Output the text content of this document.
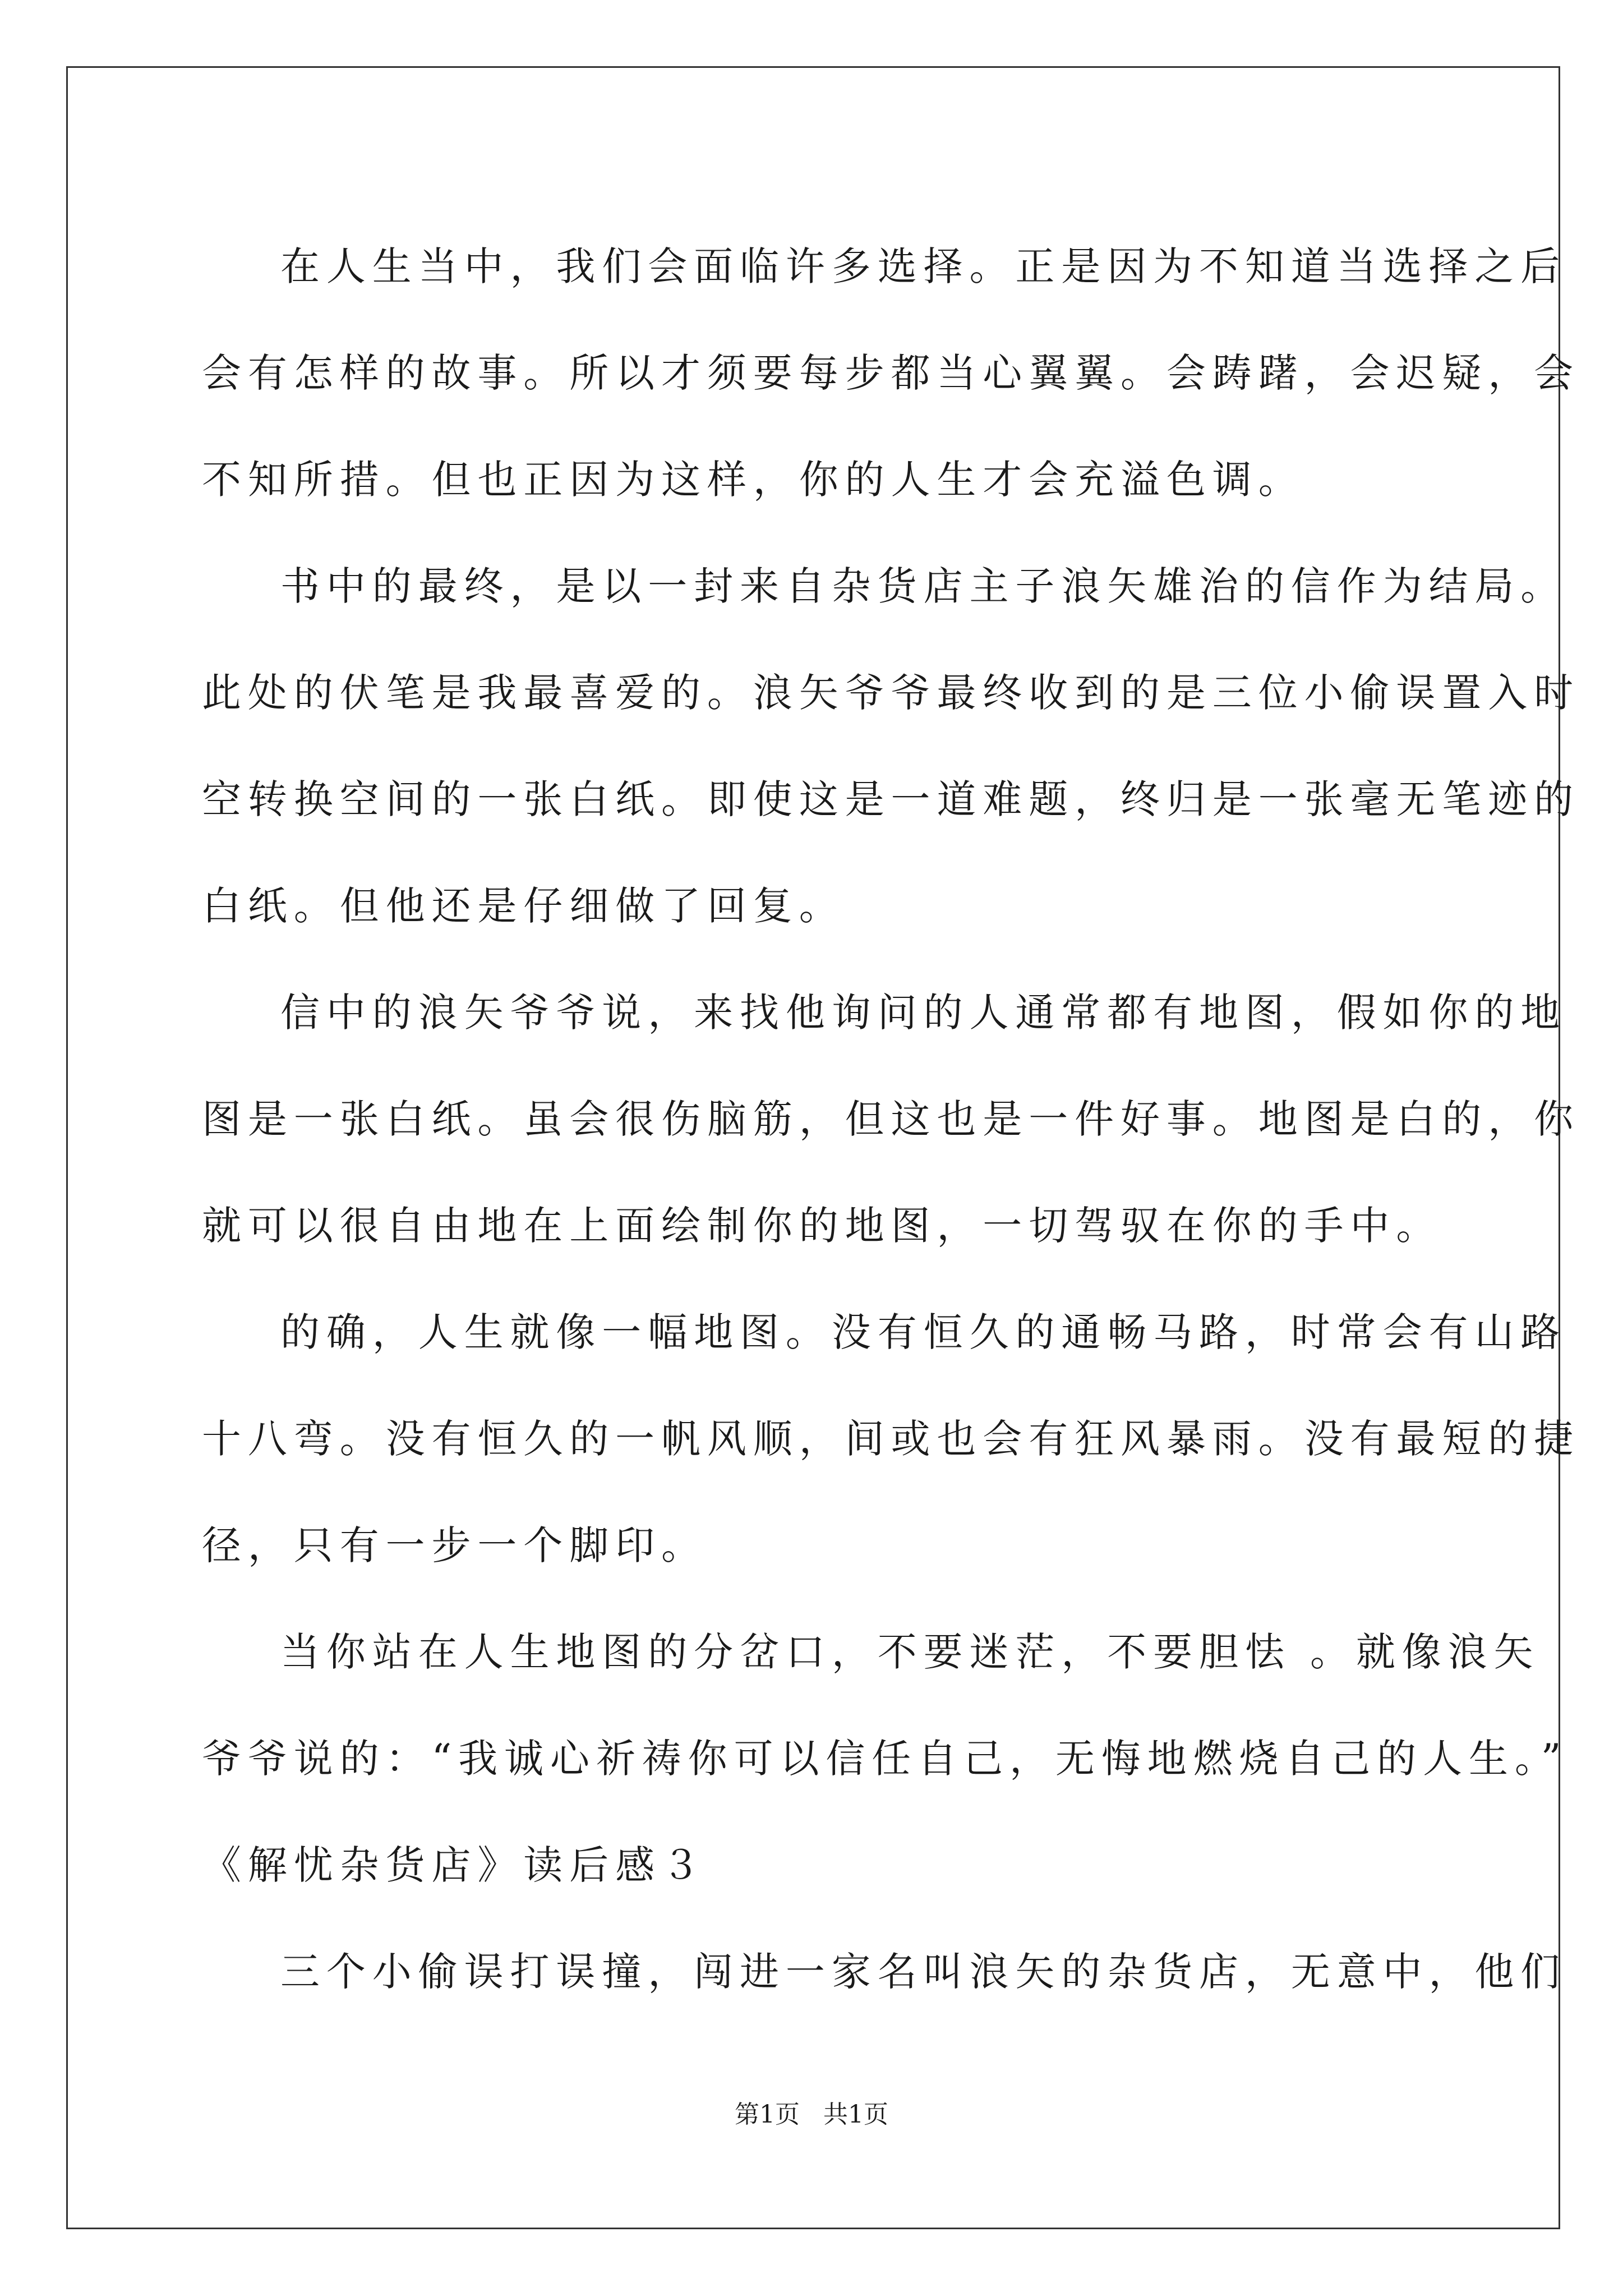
在人生当中，我们会面临许多选择。正是因为不知道当选择之后
会有怎样的故事。所以才须要每步都当心翼翼。会踌躇，会迟疑，会
不知所措。但也正因为这样，你的人生才会充溢色调。
书中的最终，是以一封来自杂货店主子浪矢雄治的信作为结局。
此处的伏笔是我最喜爱的。浪矢爷爷最终收到的是三位小偷误置入时
空转换空间的一张白纸。即使这是一道难题，终归是一张毫无笔迹的
白纸。但他还是仔细做了回复。
信中的浪矢爷爷说，来找他询问的人通常都有地图，假如你的地
图是一张白纸。虽会很伤脑筋，但这也是一件好事。地图是白的，你
就可以很自由地在上面绘制你的地图，一切驾驭在你的手中。
的确，人生就像一幅地图。没有恒久的通畅马路，时常会有山路
十八弯。没有恒久的一帆风顺，间或也会有狂风暴雨。没有最短的捷
径，只有一步一个脚印。
当你站在人生地图的分岔口，不要迷茫，不要胆怯 。就像浪矢
爷爷说的：“我诚心祈祷你可以信任自己，无悔地燃烧自己的人生。”
《解忧杂货店》读后感３
三个小偷误打误撞，闯进一家名叫浪矢的杂货店，无意中，他们
第1页   共1页
